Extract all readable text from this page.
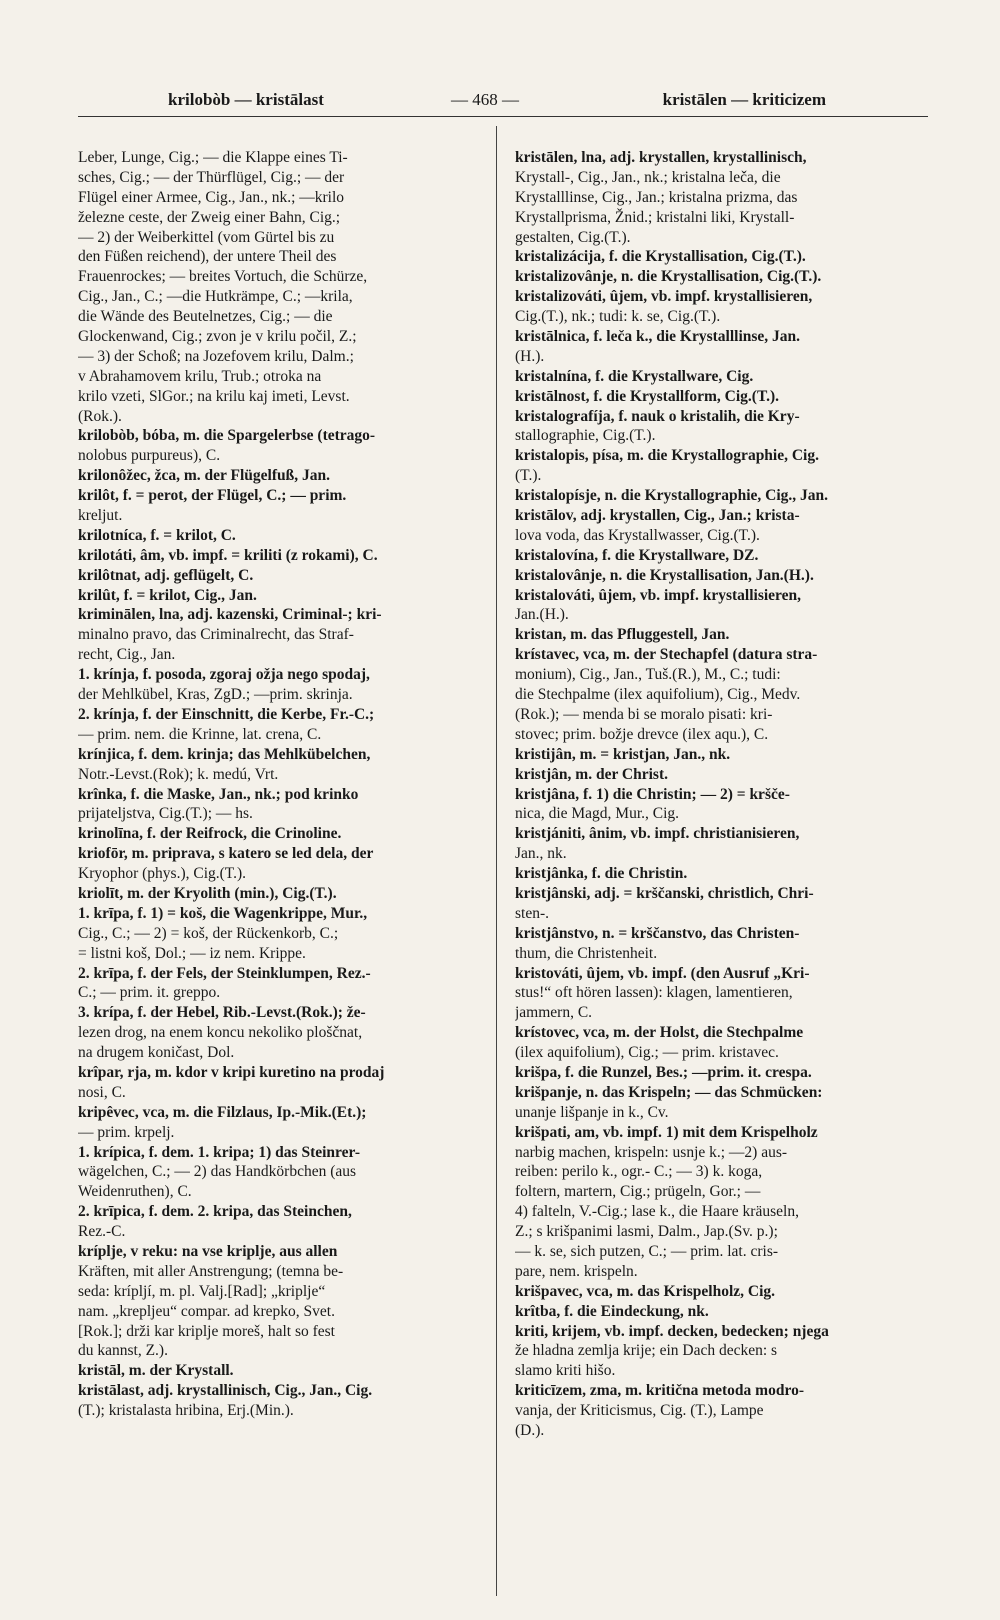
krilobòb — kristālast	— 468 —	kristālen — kriticizem
Leber, Lunge, Cig.; — die Klappe eines Ti-
sches, Cig.; — der Thürflügel, Cig.; — der
Flügel einer Armee, Cig., Jan., nk.; —krilo
železne ceste, der Zweig einer Bahn, Cig.;
— 2) der Weiberkittel (vom Gürtel bis zu
den Füßen reichend), der untere Theil des
Frauenrockes; — breites Vortuch, die Schürze,
Cig., Jan., C.; —die Hutkrämpe, C.; —krila,
die Wände des Beutelnetzes, Cig.; — die
Glockenwand, Cig.; zvon je v krilu počil, Z.;
— 3) der Schoß; na Jozefovem krilu, Dalm.;
v Abrahamovem krilu, Trub.; otroka na
krilo vzeti, SlGor.; na krilu kaj imeti, Levst.
(Rok.).
krilobòb, bóba, m. die Spargelerbse (tetrago-
nolobus purpureus), C.
krilonôžec, žca, m. der Flügelfuß, Jan.
krilôt, f. = perot, der Flügel, C.; — prim.
kreljut.
krilotníca, f. = krilot, C.
krilotáti, âm, vb. impf. = kriliti (z rokami), C.
krilôtnat, adj. geflügelt, C.
krilût, f. = krilot, Cig., Jan.
kriminālen, lna, adj. kazenski, Criminal-; kri-
minalno pravo, das Criminalrecht, das Straf-
recht, Cig., Jan.
1. krínja, f. posoda, zgoraj ožja nego spodaj,
der Mehlkübel, Kras, ZgD.; —prim. skrinja.
2. krínja, f. der Einschnitt, die Kerbe, Fr.-C.;
— prim. nem. die Krinne, lat. crena, C.
krínjica, f. dem. krinja; das Mehlkübelchen,
Notr.-Levst.(Rok); k. medú, Vrt.
krînka, f. die Maske, Jan., nk.; pod krinko
prijateljstva, Cig.(T.); — hs.
krinolīna, f. der Reifrock, die Crinoline.
kriofōr, m. priprava, s katero se led dela, der
Kryophor (phys.), Cig.(T.).
kriolīt, m. der Kryolith (min.), Cig.(T.).
1. krīpa, f. 1) = koš, die Wagenkrippe, Mur.,
Cig., C.; — 2) = koš, der Rückenkorb, C.;
= listni koš, Dol.; — iz nem. Krippe.
2. krīpa, f. der Fels, der Steinklumpen, Rez.-
C.; — prim. it. greppo.
3. krípa, f. der Hebel, Rib.-Levst.(Rok.); že-
lezen drog, na enem koncu nekoliko ploščnat,
na drugem koničast, Dol.
krîpar, rja, m. kdor v kripi kuretino na prodaj
nosi, C.
kripêvec, vca, m. die Filzlaus, Ip.-Mik.(Et.);
— prim. krpelj.
1. krípica, f. dem. 1. kripa; 1) das Steinrer-
wägelchen, C.; — 2) das Handkörbchen (aus
Weidenruthen), C.
2. krīpica, f. dem. 2. kripa, das Steinchen,
Rez.-C.
kríplje, v reku: na vse kriplje, aus allen
Kräften, mit aller Anstrengung; (temna be-
seda: krípljí, m. pl. Valj.[Rad]; „kriplje“
nam. „krepljeu“ compar. ad krepko, Svet.
[Rok.]; drži kar kriplje moreš, halt so fest
du kannst, Z.).
kristāl, m. der Krystall.
kristālast, adj. krystallinisch, Cig., Jan., Cig.
(T.); kristalasta hribina, Erj.(Min.).
kristālen, lna, adj. krystallen, krystallinisch,
Krystall-, Cig., Jan., nk.; kristalna leča, die
Krystalllinse, Cig., Jan.; kristalna prizma, das
Krystallprisma, Žnid.; kristalni liki, Krystall-
gestalten, Cig.(T.).
kristalizácija, f. die Krystallisation, Cig.(T.).
kristalizovânje, n. die Krystallisation, Cig.(T.).
kristalizováti, ûjem, vb. impf. krystallisieren,
Cig.(T.), nk.; tudi: k. se, Cig.(T.).
kristālnica, f. leča k., die Krystalllinse, Jan.
(H.).
kristalnína, f. die Krystallware, Cig.
kristālnost, f. die Krystallform, Cig.(T.).
kristalografíja, f. nauk o kristalih, die Kry-
stallographie, Cig.(T.).
kristalopis, písa, m. die Krystallographie, Cig.
(T.).
kristalopísje, n. die Krystallographie, Cig., Jan.
kristālov, adj. krystallen, Cig., Jan.; krista-
lova voda, das Krystallwasser, Cig.(T.).
kristalovína, f. die Krystallware, DZ.
kristalovânje, n. die Krystallisation, Jan.(H.).
kristalováti, ûjem, vb. impf. krystallisieren,
Jan.(H.).
kristan, m. das Pfluggestell, Jan.
krístavec, vca, m. der Stechapfel (datura stra-
monium), Cig., Jan., Tuš.(R.), M., C.; tudi:
die Stechpalme (ilex aquifolium), Cig., Medv.
(Rok.); — menda bi se moralo pisati: kri-
stovec; prim. božje drevce (ilex aqu.), C.
kristijân, m. = kristjan, Jan., nk.
kristjân, m. der Christ.
kristjâna, f. 1) die Christin; — 2) = kršče-
nica, die Magd, Mur., Cig.
kristjániti, ânim, vb. impf. christianisieren,
Jan., nk.
kristjânka, f. die Christin.
kristjânski, adj. = krščanski, christlich, Chri-
sten-.
kristjânstvo, n. = krščanstvo, das Christen-
thum, die Christenheit.
kristováti, ûjem, vb. impf. (den Ausruf „Kri-
stus!“ oft hören lassen): klagen, lamentieren,
jammern, C.
krístovec, vca, m. der Holst, die Stechpalme
(ilex aquifolium), Cig.; — prim. kristavec.
krišpa, f. die Runzel, Bes.; —prim. it. crespa.
krišpanje, n. das Krispeln; — das Schmücken:
unanje lišpanje in k., Cv.
krišpati, am, vb. impf. 1) mit dem Krispelholz
narbig machen, krispeln: usnje k.; —2) aus-
reiben: perilo k., ogr.- C.; — 3) k. koga,
foltern, martern, Cig.; prügeln, Gor.; —
4) falteln, V.-Cig.; lase k., die Haare kräuseln,
Z.; s krišpanimi lasmi, Dalm., Jap.(Sv. p.);
— k. se, sich putzen, C.; — prim. lat. cris-
pare, nem. krispeln.
krišpavec, vca, m. das Krispelholz, Cig.
krîtba, f. die Eindeckung, nk.
kriti, krijem, vb. impf. decken, bedecken; njega
že hladna zemlja krije; ein Dach decken: s
slamo kriti hišo.
kriticīzem, zma, m. kritična metoda modro-
vanja, der Kriticismus, Cig. (T.), Lampe
(D.).
